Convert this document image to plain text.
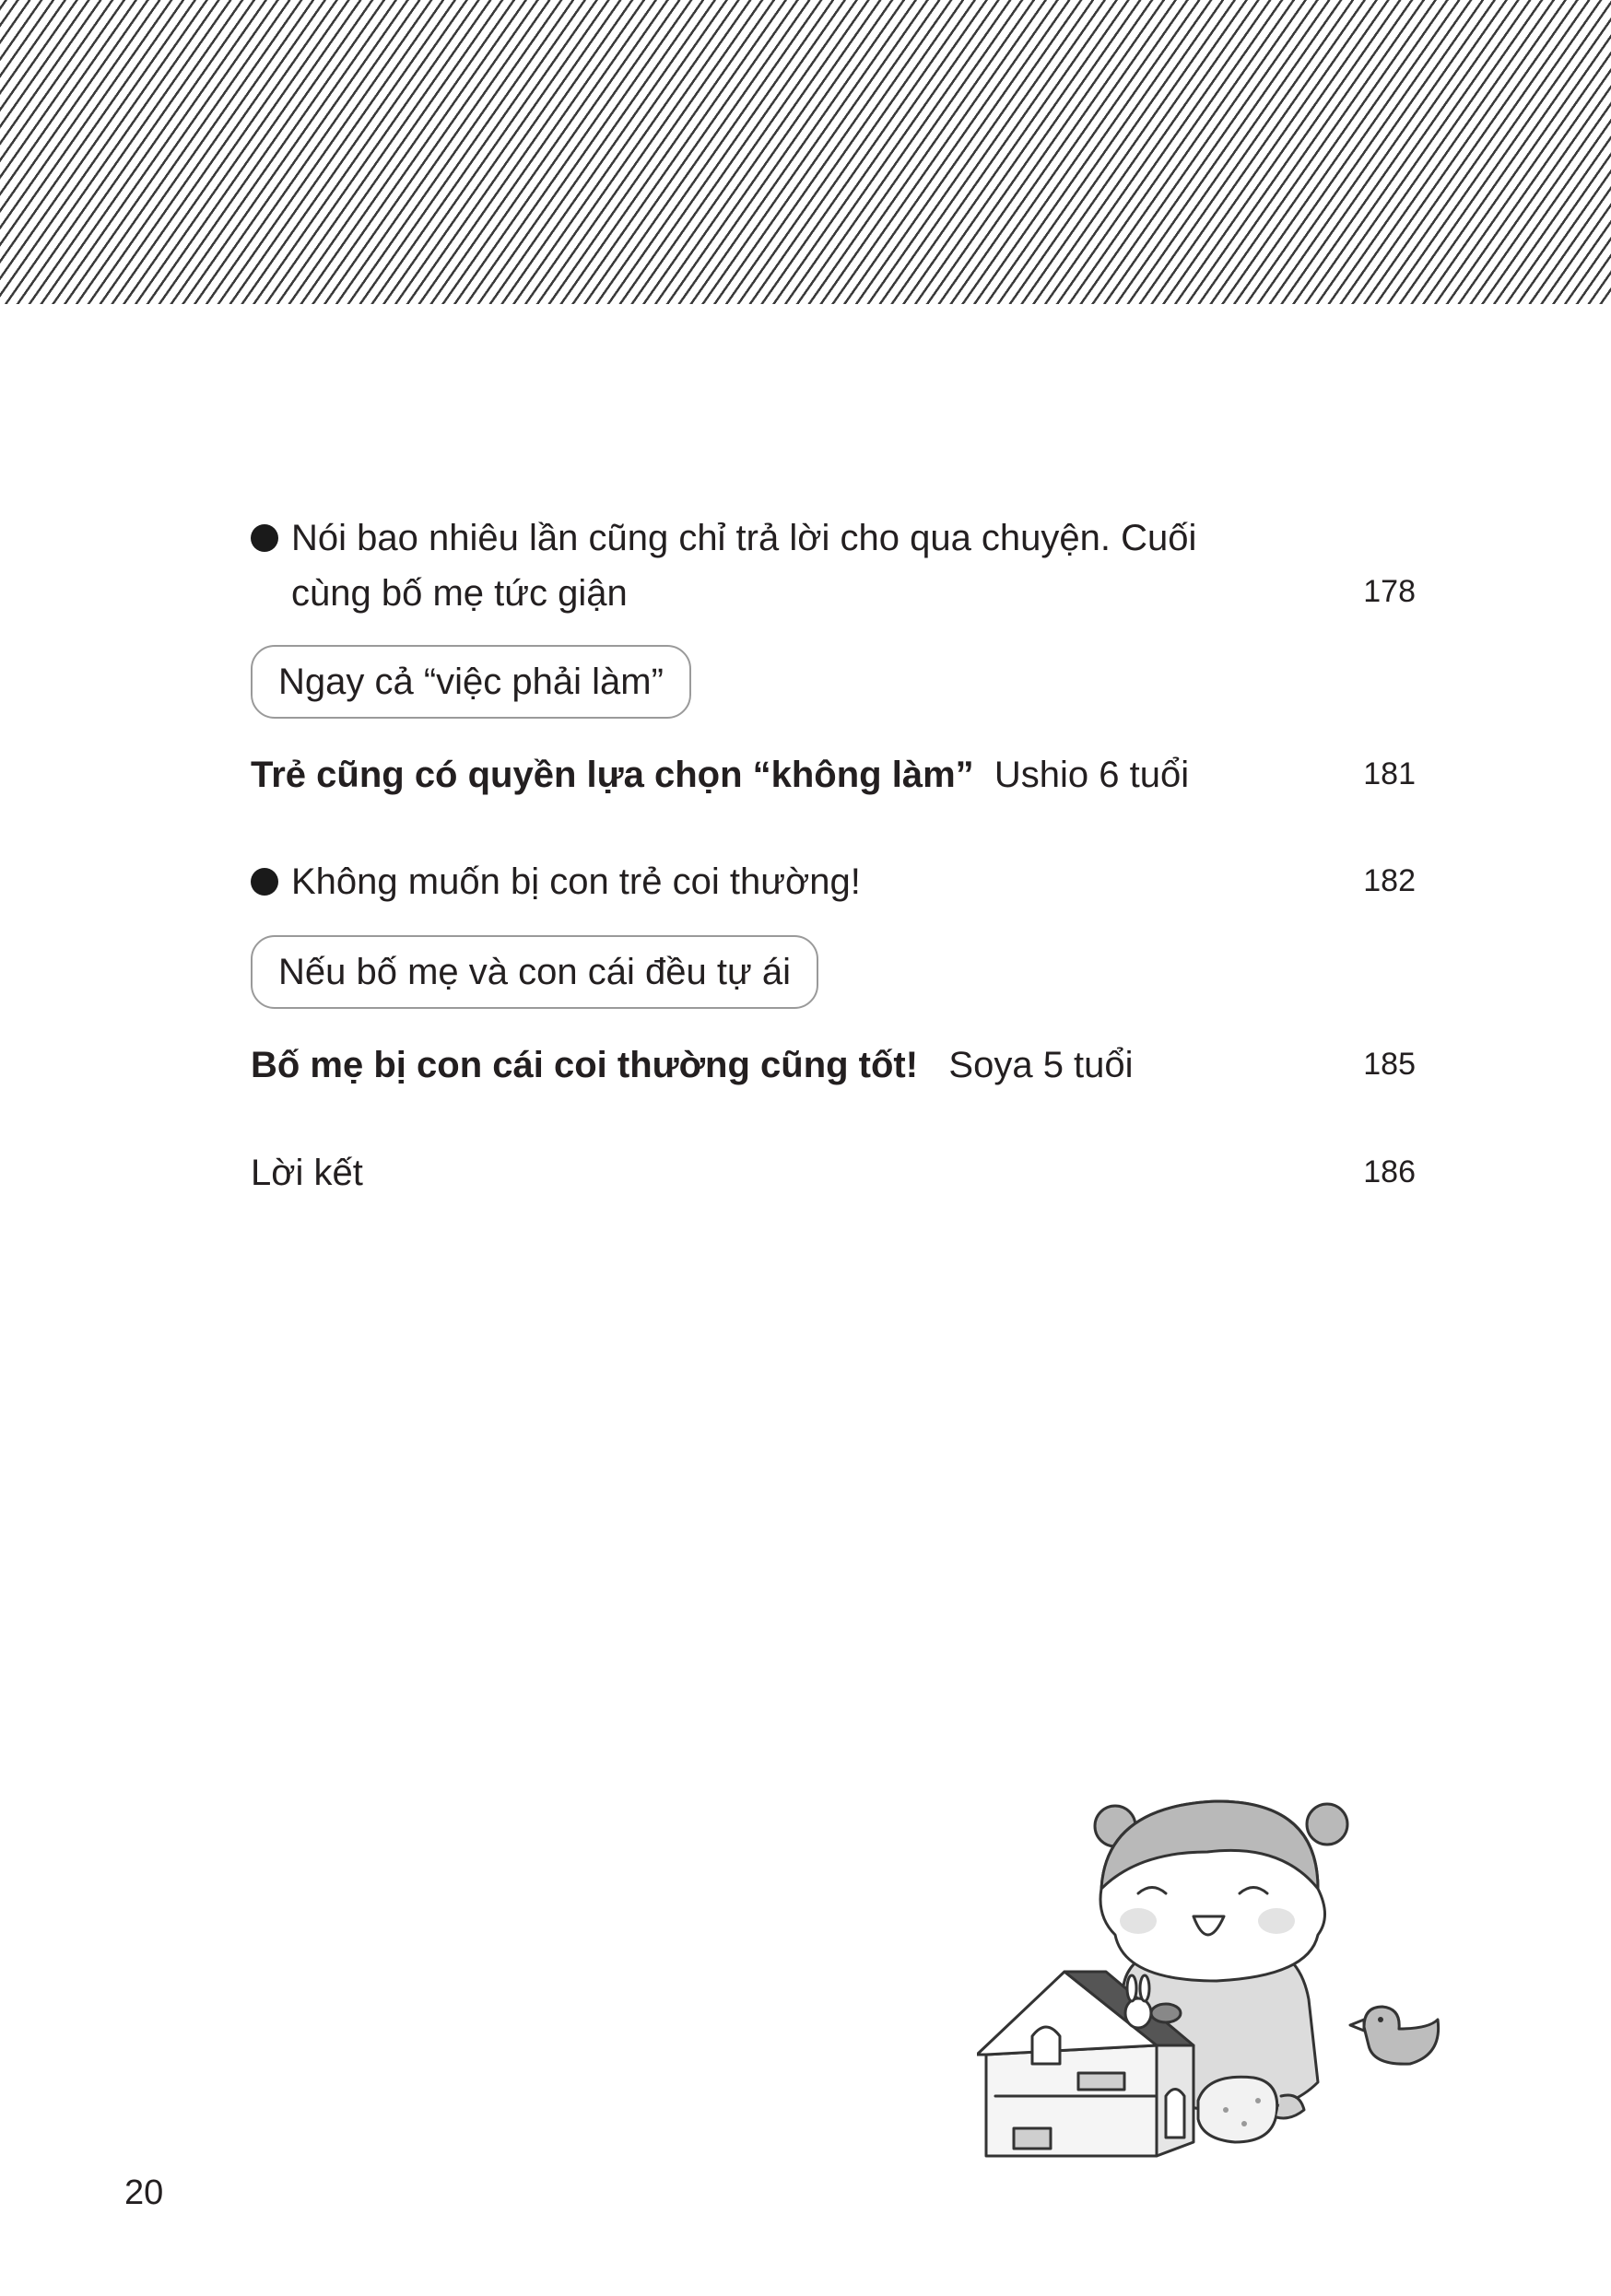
Nói bao nhiêu lần cũng chỉ trả lời cho qua chuyện. Cuối
cùng bố mẹ tức giận	178
Ngay cả “việc phải làm”
Trẻ cũng có quyền lựa chọn “không làm” Ushio 6 tuổi	181
Không muốn bị con trẻ coi thường!	182
Nếu bố mẹ và con cái đều tự ái
Bố mẹ bị con cái coi thường cũng tốt! Soya 5 tuổi	185
Lời kết	186
20
